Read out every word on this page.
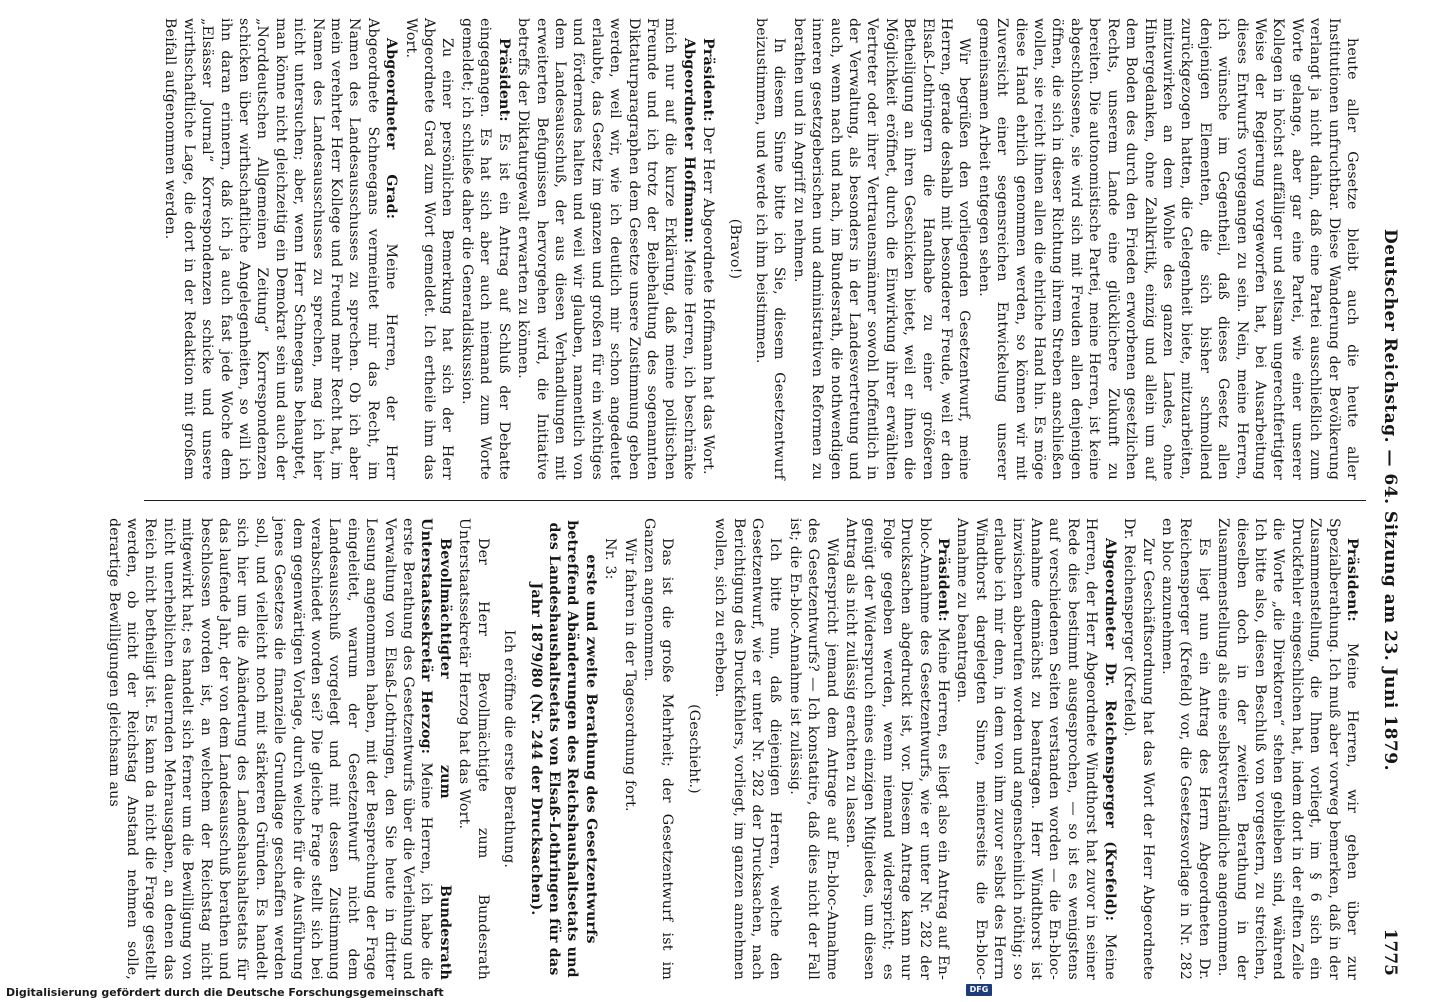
Deutscher Reichstag. — 64. Sitzung am 23. Juni 1879.
1775

heute aller Gesetze bleibt auch die heute aller Institutionen unfruchtbar. Diese Wanderung der Bevölkerung verlangt ja nicht dahin, daß eine Partei ausschließlich zum Worte gelange, aber gar eine Partei, wie einer unserer Kollegen in höchst auffälliger und seltsam ungerechtfertigter Weise der Regierung vorgeworfen hat, bei Ausarbeitung dieses Entwurfs vorgegangen zu sein. Nein, meine Herren, ich wünsche im Gegentheil, daß dieses Gesetz allen denjenigen Elementen, die sich bisher schmollend zurückgezogen hatten, die Gelegenheit biete, mitzuarbeiten, mitzuwirken an dem Wohle des ganzen Landes, ohne Hintergedanken, ohne Zahlkritik, einzig und allein um auf dem Boden des durch den Frieden erworbenen gesetzlichen Rechts, unserem Lande eine glücklichere Zukunft zu bereiten. Die autonomistische Partei, meine Herren, ist keine abgeschlossene, sie wird sich mit Freuden allen denjenigen öffnen, die sich in dieser Richtung ihrem Streben anschließen wollen, sie reicht ihnen allen die ehrliche Hand hin. Es möge diese Hand ehrlich genommen werden, so können wir mit Zuversicht einer segensreichen Entwickelung unserer gemeinsamen Arbeit entgegen sehen.

Wir begrüßen den vorliegenden Gesetzentwurf, meine Herren, gerade deshalb mit besonderer Freude, weil er den Elsaß-Lothringern die Handhabe zu einer größeren Betheiligung an ihren Geschicken bietet, weil er ihnen die Möglichkeit eröffnet, durch die Einwirkung ihrer erwählten Vertreter oder ihrer Vertrauensmänner sowohl hoffentlich in der Verwaltung, als besonders in der Landesvertretung und auch, wenn nach und nach, im Bundesrath, die nothwendigen inneren gesetzgeberischen und administrativen Reformen zu berathen und in Angriff zu nehmen.

In diesem Sinne bitte ich Sie, diesem Gesetzentwurf beizustimmen, und werde ich ihm beistimmen.

(Bravo!)

Präsident: Der Herr Abgeordnete Hoffmann hat das Wort.

Abgeordneter Hoffmann: Meine Herren, ich beschränke mich nur auf die kurze Erklärung, daß meine politischen Freunde und ich trotz der Beibehaltung des sogenannten Diktaturparagraphen dem Gesetze unsere Zustimmung geben werden, weil wir, wie ich deutlich mir schon angedeutet erlaubte, das Gesetz im ganzen und großen für ein wichtiges und förderndes halten und weil wir glauben, namentlich von dem Landesausschuß, der aus diesen Verhandlungen mit erweiterten Befugnissen hervorgehen wird, die Initiative betreffs der Diktaturgewalt erwarten zu können.

Präsident: Es ist ein Antrag auf Schluß der Debatte eingegangen. Es hat sich aber auch niemand zum Worte gemeldet; ich schließe daher die Generaldiskussion.

Zu einer persönlichen Bemerkung hat sich der Herr Abgeordnete Grad zum Wort gemeldet. Ich ertheile ihm das Wort.

Abgeordneter Grad: Meine Herren, der Herr Abgeordnete Schneegans vermeintet mir das Recht, im Namen des Landesausschusses zu sprechen. Ob ich aber mein verehrter Herr Kollege und Freund mehr Recht hat, im Namen des Landesausschusses zu sprechen, mag ich hier nicht untersuchen; aber, wenn Herr Schneegans behauptet, man könne nicht gleichzeitig ein Demokrat sein und auch der „Norddeutschen Allgemeinen Zeitung“ Korrespondenzen schicken über wirthschaftliche Angelegenheiten, so will ich ihn daran erinnern, daß ich ja auch fast jede Woche dem „Elsässer Journal“ Korrespondenzen schicke und unsere wirthschaftliche Lage, die dort in der Redaktion mit großem Beifall aufgenommen werden.

Präsident: Meine Herren, wir gehen über zur Spezialberathung. Ich muß aber vorweg bemerken, daß in der Zusammenstellung, die Ihnen vorliegt, im § 6 sich ein Druckfehler eingeschlichen hat, indem dort in der elften Zeile die Worte „die Direktoren“ stehen geblieben sind, während Ich bitte also, diesen Beschluß von vorgestern, zu streichen, dieselben doch in der zweiten Berathung in der Zusammenstellung als eine selbstverständliche angenommen.

Es liegt nun ein Antrag des Herrn Abgeordneten Dr. Reichensperger (Krefeld) vor, die Gesetzesvorlage in Nr. 282 en bloc anzunehmen.

Zur Geschäftsordnung hat das Wort der Herr Abgeordnete Dr. Reichensperger (Krefeld).

Abgeordneter Dr. Reichensperger (Krefeld): Meine Herren, der Herr Abgeordnete Windthorst hat zuvor in seiner Rede dies bestimmt ausgesprochen, — so ist es wenigstens auf verschiedenen Seiten verstanden worden — die En-bloc-Annahme demnächst zu beantragen. Herr Windthorst ist inzwischen abberufen worden und angenscheinlich nöthig; so erlaube ich mir denn, in dem von ihm zuvor selbst des Herrn Windthorst dargelegten Sinne, meinerseits die En-bloc-Annahme zu beantragen.

Präsident: Meine Herren, es liegt also ein Antrag auf En-bloc-Annahme des Gesetzentwurfs, wie er unter Nr. 282 der Drucksachen abgedruckt ist, vor. Diesem Antrage kann nur Folge gegeben werden, wenn niemand widerspricht; es genügt der Widerspruch eines einzigen Mitgliedes, um diesen Antrag als nicht zulässig erachten zu lassen.

Widerspricht jemand dem Antrage auf En-bloc-Annahme des Gesetzentwurfs? — Ich konstatire, daß dies nicht der Fall ist; die En-bloc-Annahme ist zulässig.

Ich bitte nun, daß diejenigen Herren, welche den Gesetzentwurf, wie er unter Nr. 282 der Drucksachen, nach Berichtigung des Druckfehlers, vorliegt, im ganzen annehmen wollen, sich zu erheben.

(Geschieht.)

Das ist die große Mehrheit; der Gesetzentwurf ist im Ganzen angenommen.

Wir fahren in der Tagesordnung fort.

Nr. 3:

erste und zweite Berathung des Gesetzentwurfs betreffend Abänderungen des Reichshaushaltsetats und des Landeshaushaltsetats von Elsaß-Lothringen für das Jahr 1879/80 (Nr. 244 der Drucksachen).

Ich eröffne die erste Berathung.

Der Herr Bevollmächtigte zum Bundesrath Unterstaatssekretär Herzog hat das Wort.

Bevollmächtigter zum Bundesrath Unterstaatssekretär Herzog: Meine Herren, ich habe die erste Berathung des Gesetzentwurfs über die Verleihung und Verwaltung von Elsaß-Lothringen, den Sie heute in dritter Lesung angenommen haben, mit der Besprechung der Frage eingeleitet, warum der Gesetzentwurf nicht dem Landesausschuß vorgelegt und mit dessen Zustimmung verabschiedet worden sei? Die gleiche Frage stellt sich bei dem gegenwärtigen Vorlage, durch welche für die Ausführung jenes Gesetzes die finanzielle Grundlage geschaffen werden soll, und vielleicht noch mit stärkeren Gründen. Es handelt sich hier um die Abänderung des Landeshaushaltsetats für das laufende Jahr, der von dem Landesausschuß berathen und beschlossen worden ist, an welchem der Reichstag nicht mitgewirkt hat; es handelt sich ferner um die Bewilligung von nicht unerheblichen dauernden Mehrausgaben, an denen das Reich nicht betheiligt ist. Es kann da nicht die Frage gestellt werden, ob nicht der Reichstag Anstand nehmen solle, derartige Bewilligungen gleichsam aus

Digitalisierung gefördert durch die Deutsche Forschungsgemeinschaft	DFG
